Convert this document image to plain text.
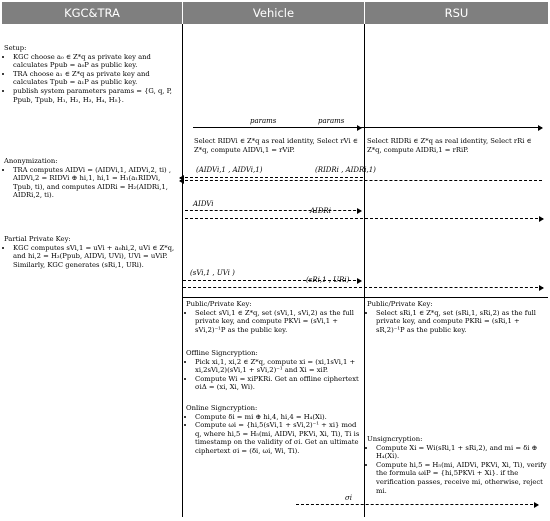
KGC&TRA	Vehicle	RSU
Setup:
• KGC choose a₀ ∈ Z*q as private key and calculates Ppub = a₀P as public key.
• TRA choose a₁ ∈ Z*q as private key and calculates Tpub = a₁P as public key.
• publish system parameters params = {G, q, P, Ppub, Tpub, H₁, H₂, H₃, H₄, H₅}.
params	params
Select RIDVi ∈ Z*q as real identity, Select rVi ∈ Z*q, compute AIDVi,1 = rViP.
Select RIDRi ∈ Z*q as real identity, Select rRi ∈ Z*q, compute AIDRi,1 = rRiP.
Anonymization:
• TRA computes AIDVi = (AIDVi,1, AIDVi,2, ti) , AIDVi,2 = RIDVi ⊕ hi,1, hi,1 = H₁(a₁RIDVi, Tpub, ti), and computes AIDRi = H₂(AIDRi,1, AIDRi,2, ti).
(AIDVi,1 , AIDVi,1)	(RIDRi , AIDRi,1)
AIDVi
AIDRi
Partial Private Key:
• KGC computes sVi,1 = uVi + a₀hi,2, uVi ∈ Z*q, and hi,2 = H₃(Ppub, AIDVi, UVi), UVi = uViP. Similarly, KGC generates (sRi,1, URi).
(sVi,1 , UVi )
(sRi,1 , URi)
Public/Private Key:
• Select sVi,1 ∈ Z*q, set (sVi,1, sVi,2) as the full private key, and compute PKVi = (sVi,1 + sVi,2)⁻¹P as the public key.
Offline Signcryption:
• Pick xi,1, xi,2 ∈ Z*q, compute xi = (xi,1sVi,1 + xi,2sVi,2)(sVi,1 + sVi,2)⁻¹ and Xi = xiP.
• Compute Wi = xiPKRi. Get an offline ciphertext σiΔ = (xi, Xi, Wi).
Online Signcryption:
• Compute δi = mi ⊕ hi,4, hi,4 = H₄(Xi).
• Compute ωi = {hi,5(sVi,1 + sVi,2)⁻¹ + xi} mod q, where hi,5 = H₅(mi, AIDVi, PKVi, Xi, Ti), Ti is timestamp on the validity of σi. Get an ultimate ciphertext σi = (δi, ωi, Wi, Ti).
σi
Public/Private Key:
• Select sRi,1 ∈ Z*q, set (sRi,1, sRi,2) as the full private key, and compute PKRi = (sRi,1 + sR,2)⁻¹P as the public key.
Unsigncryption:
• Compute Xi = Wi(sRi,1 + sRi,2), and mi = δi ⊕ H₄(Xi).
• Compute hi,5 = H₅(mi, AIDVi, PKVi, Xi, Ti), verify the formula ωiP = {hi,5PKVi + Xi}. if the verification passes, receive mi, otherwise, reject mi.
